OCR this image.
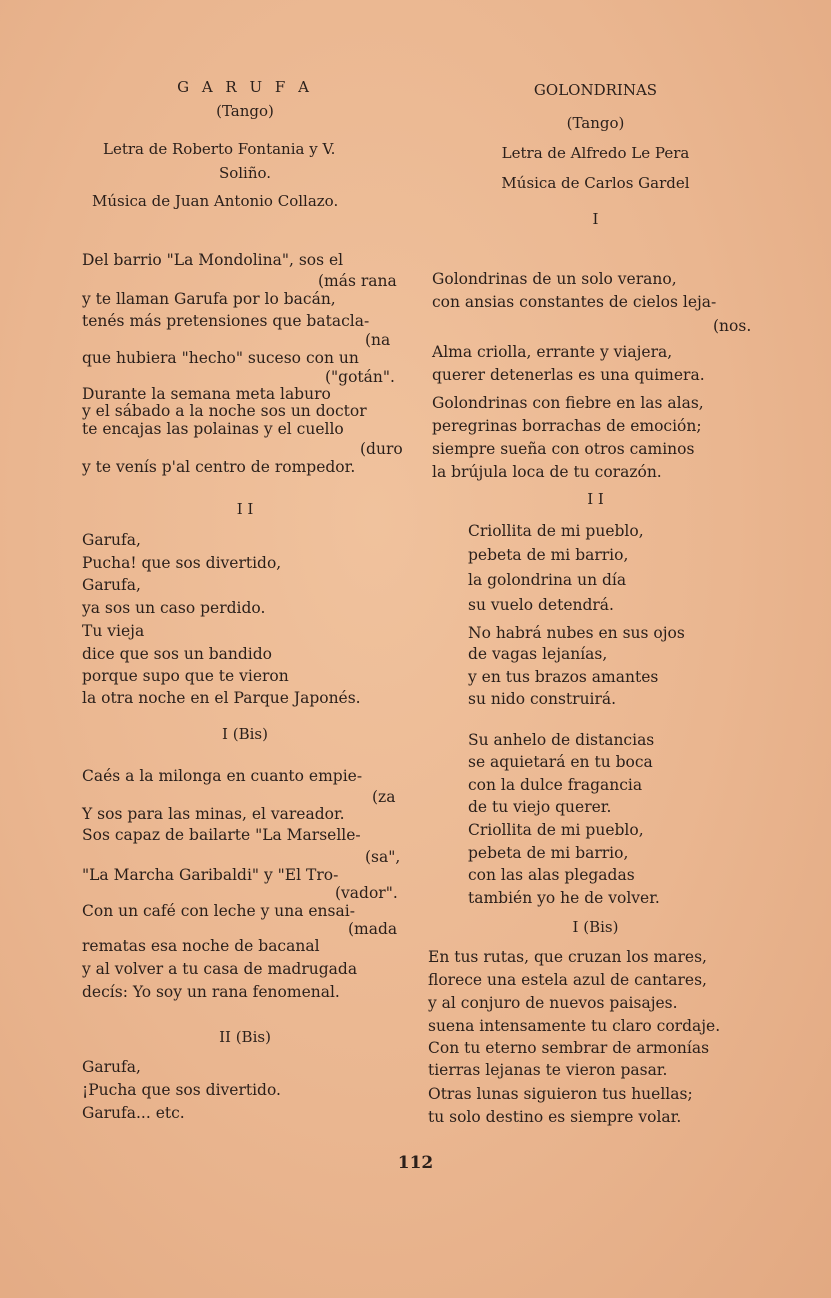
G A R U F A
(Tango)
Letra de Roberto Fontania y V.
Soliño.
Música de Juan Antonio Collazo.
Del barrio "La Mondolina", sos el
(más rana
y te llaman Garufa por lo bacán,
tenés más pretensiones que batacla-
(na
que hubiera "hecho" suceso con un
("gotán".
Durante la semana meta laburo
y el sábado a la noche sos un doctor
te encajas las polainas y el cuello
(duro
y te venís p'al centro de rompedor.
I I
Garufa,
Pucha! que sos divertido,
Garufa,
ya sos un caso perdido.
Tu vieja
dice que sos un bandido
porque supo que te vieron
la otra noche en el Parque Japonés.
I (Bis)
Caés a la milonga en cuanto empie-
(za
Y sos para las minas, el vareador.
Sos capaz de bailarte "La Marselle-
(sa",
"La Marcha Garibaldi" y "El Tro-
(vador".
Con un café con leche y una ensai-
(mada
rematas esa noche de bacanal
y al volver a tu casa de madrugada
decís: Yo soy un rana fenomenal.
II (Bis)
Garufa,
¡Pucha que sos divertido.
Garufa... etc.
GOLONDRINAS
(Tango)
Letra de Alfredo Le Pera
Música de Carlos Gardel
I
Golondrinas de un solo verano,
con ansias constantes de cielos leja-
(nos.
Alma criolla, errante y viajera,
querer detenerlas es una quimera.
Golondrinas con fiebre en las alas,
peregrinas borrachas de emoción;
siempre sueña con otros caminos
la brújula loca de tu corazón.
I I
Criollita de mi pueblo,
pebeta de mi barrio,
la golondrina un día
su vuelo detendrá.
No habrá nubes en sus ojos
de vagas lejanías,
y en tus brazos amantes
su nido construirá.
Su anhelo de distancias
se aquietará en tu boca
con la dulce fragancia
de tu viejo querer.
Criollita de mi pueblo,
pebeta de mi barrio,
con las alas plegadas
también yo he de volver.
I (Bis)
En tus rutas, que cruzan los mares,
florece una estela azul de cantares,
y al conjuro de nuevos paisajes.
suena intensamente tu claro cordaje.
Con tu eterno sembrar de armonías
tierras lejanas te vieron pasar.
Otras lunas siguieron tus huellas;
tu solo destino es siempre volar.
112
